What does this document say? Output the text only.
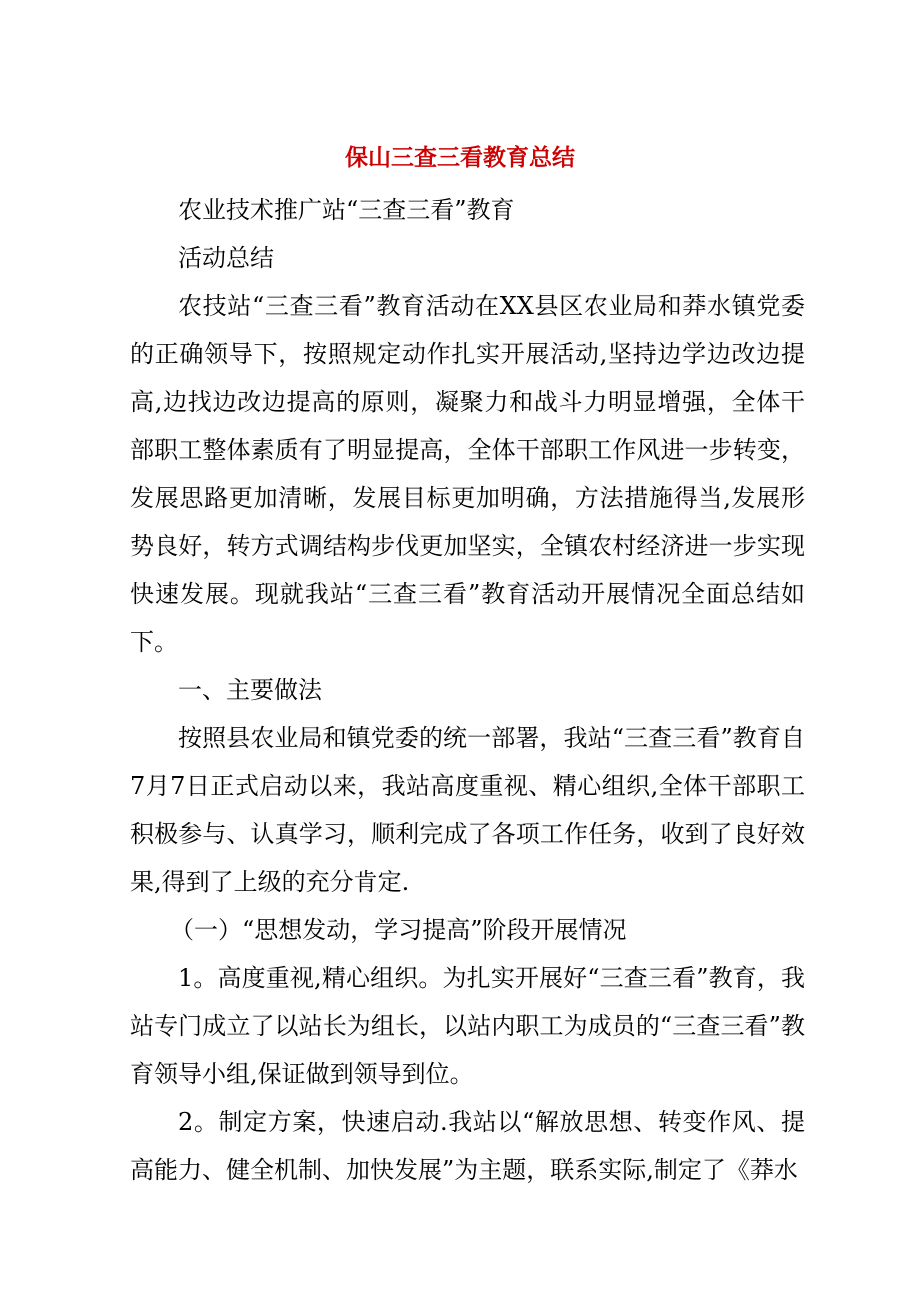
保山三查三看教育总结

农业技术推广站“三查三看”教育

活动总结

农技站“三查三看”教育活动在XX县区农业局和莽水镇党委的正确领导下，按照规定动作扎实开展活动,坚持边学边改边提高,边找边改边提高的原则，凝聚力和战斗力明显增强，全体干部职工整体素质有了明显提高，全体干部职工作风进一步转变，发展思路更加清晰，发展目标更加明确，方法措施得当,发展形势良好，转方式调结构步伐更加坚实，全镇农村经济进一步实现快速发展。现就我站“三查三看”教育活动开展情况全面总结如下。

一、主要做法

按照县农业局和镇党委的统一部署，我站“三查三看”教育自7月7日正式启动以来，我站高度重视、精心组织,全体干部职工积极参与、认真学习，顺利完成了各项工作任务，收到了良好效果,得到了上级的充分肯定.

（一）“思想发动，学习提高”阶段开展情况

1。高度重视,精心组织。为扎实开展好“三查三看”教育，我站专门成立了以站长为组长，以站内职工为成员的“三查三看”教育领导小组,保证做到领导到位。

2。制定方案，快速启动.我站以“解放思想、转变作风、提高能力、健全机制、加快发展”为主题，联系实际,制定了《莽水
